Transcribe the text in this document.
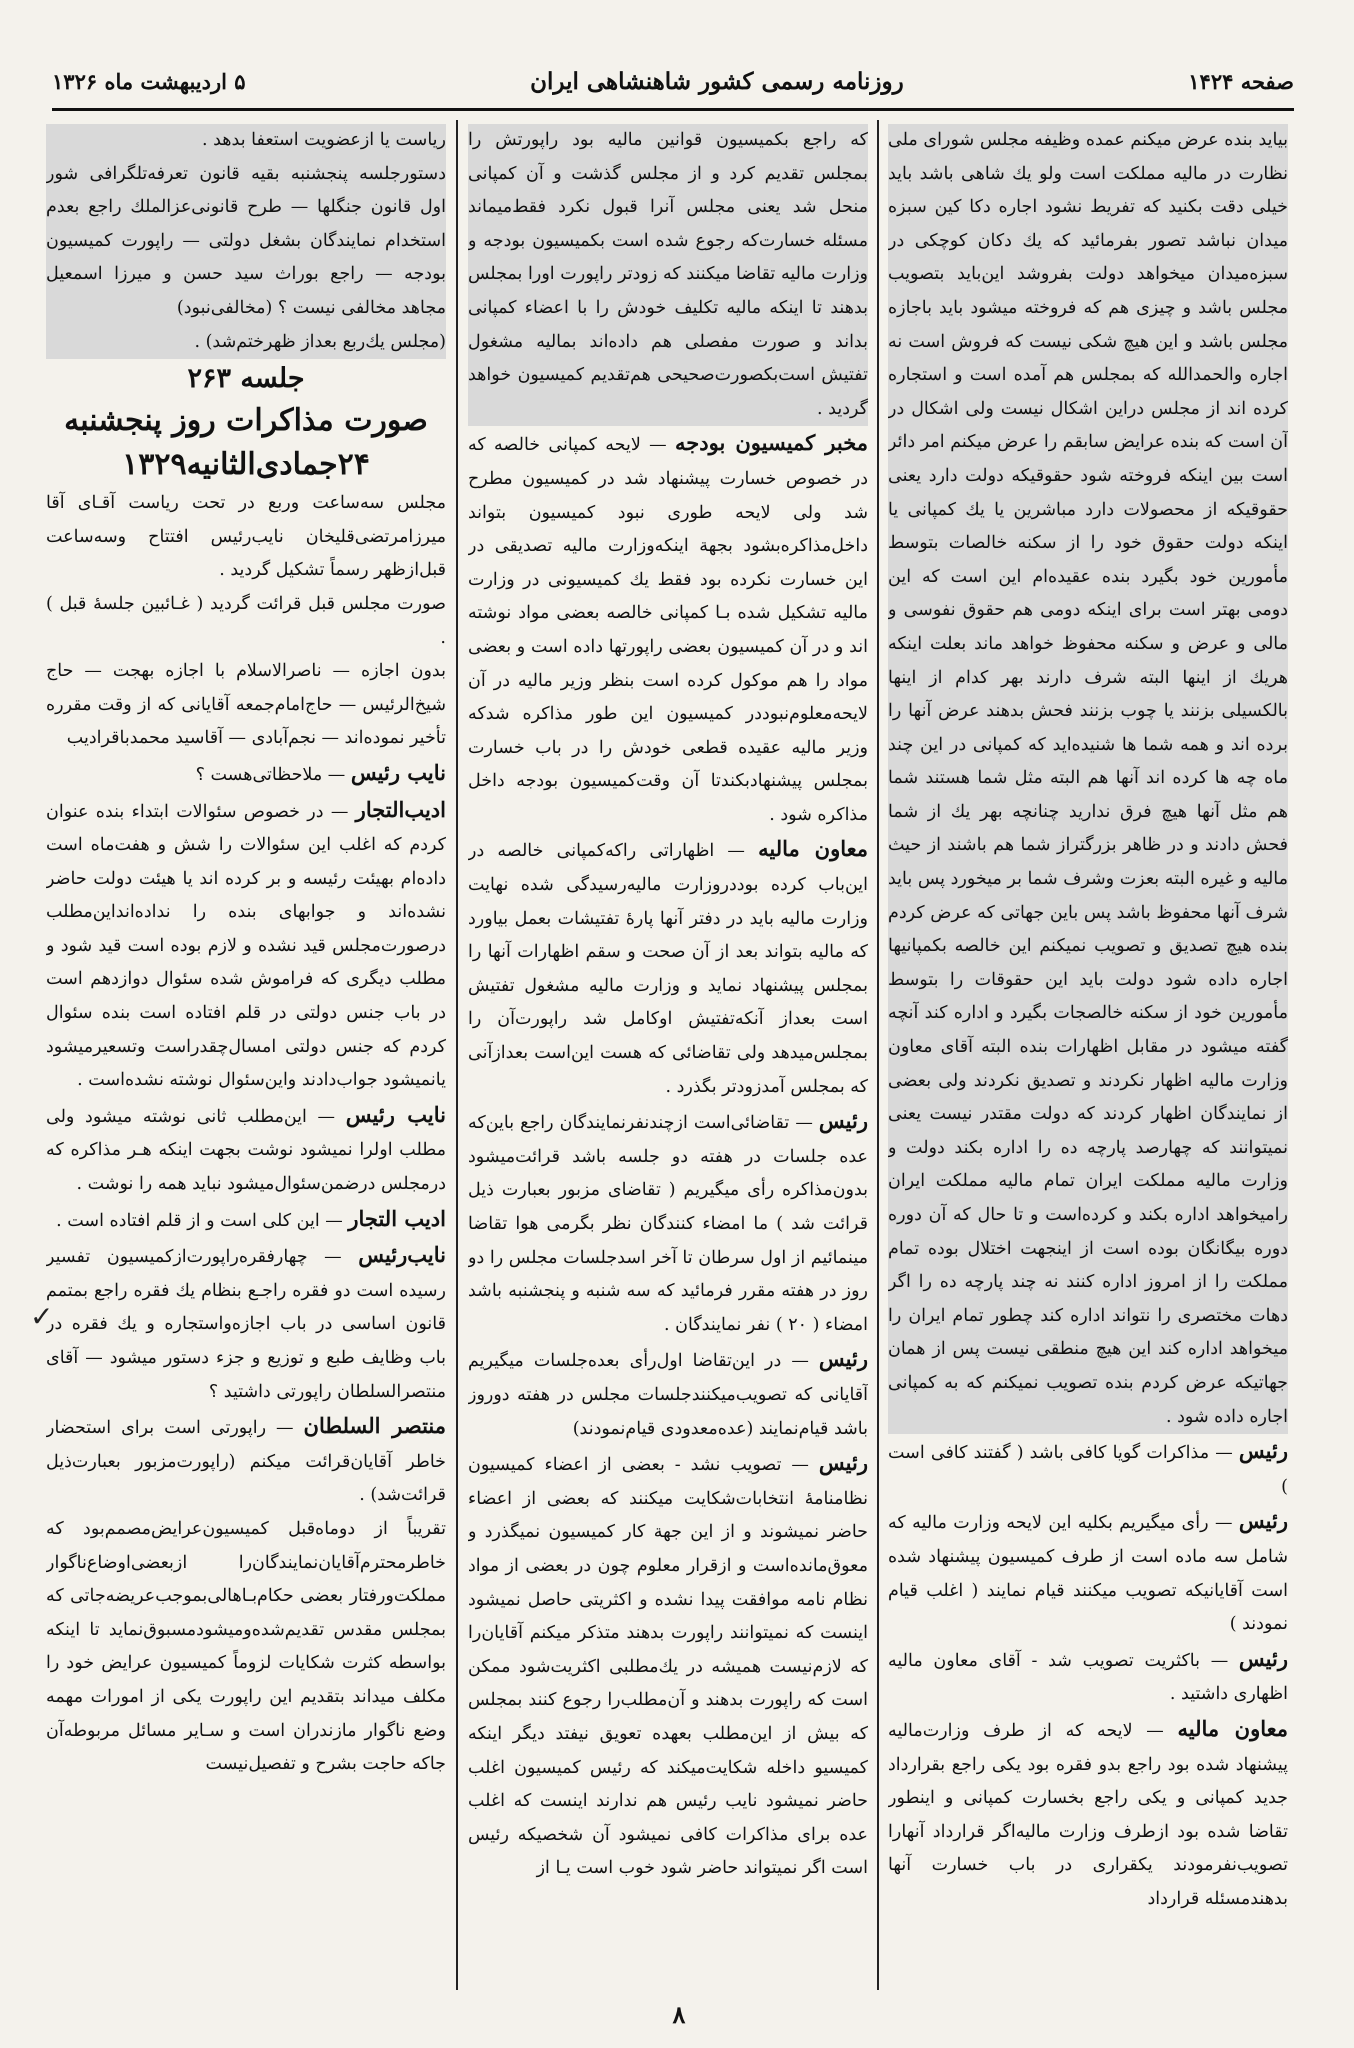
صفحه ۱۴۲۴
روزنامه رسمی کشور شاهنشاهی ایران
۵ اردیبهشت ماه ۱۳۲۶

بیاید بنده عرض میکنم عمده وظیفه مجلس شورای ملی نظارت در مالیه مملکت است ولو یك شاهی باشد باید خیلی دقت بکنید که تفریط نشود اجاره دکا کین سبزه میدان نباشد تصور بفرمائید که یك دکان کوچکی در سبزه‌میدان میخواهد دولت بفروشد این‌باید بتصویب مجلس باشد و چیزی هم که فروخته میشود باید باجازه مجلس باشد و این هیچ شکی نیست که فروش است نه اجاره والحمدالله که بمجلس هم آمده است و استجاره کرده اند از مجلس دراین اشکال نیست ولی اشکال در آن است که بنده عرایض سابقم را عرض میکنم امر دائر است بین اینکه فروخته شود حقوقیکه دولت دارد یعنی حقوقیکه از محصولات دارد مباشرین یا یك کمپانی یا اینکه دولت حقوق خود را از سکنه خالصات بتوسط مأمورین خود بگیرد بنده عقیده‌ام این است که این دومی بهتر است برای اینکه دومی هم حقوق نفوسی و مالی و عرض و سکنه محفوظ خواهد ماند بعلت اینکه هریك از اینها البته شرف دارند بهر کدام از اینها بالکسیلی بزنند یا چوب بزنند فحش بدهند عرض آنها را برده اند و همه شما ها شنیده‌اید که کمپانی در این چند ماه چه ها کرده اند آنها هم البته مثل شما هستند شما هم مثل آنها هیچ فرق ندارید چنانچه بهر یك از شما فحش دادند و در ظاهر بزرگتراز شما هم باشند از حیث مالیه و غیره البته بعزت وشرف شما بر میخورد پس باید شرف آنها محفوظ باشد پس باین جهاتی که عرض کردم بنده هیچ تصدیق و تصویب نمیکنم این خالصه بکمپانیها اجاره داده شود دولت باید این حقوقات را بتوسط مأمورین خود از سکنه خالصجات بگیرد و اداره کند آنچه گفته میشود در مقابل اظهارات بنده البته آقای معاون وزارت مالیه اظهار نکردند و تصدیق نکردند ولی بعضی از نمایندگان اظهار کردند که دولت مقتدر نیست یعنی نمیتوانند که چهارصد پارچه ده را اداره بکند دولت و وزارت مالیه مملکت ایران تمام مالیه مملکت ایران رامیخواهد اداره بکند و کرده‌است و تا حال که آن دوره دوره بیگانگان بوده است از اینجهت اختلال بوده تمام مملکت را از امروز اداره کنند نه چند پارچه ده را اگر دهات مختصری را نتواند اداره کند چطور تمام ایران را میخواهد اداره کند این هیچ منطقی نیست پس از همان جهاتیکه عرض کردم بنده تصویب نمیکنم که به کمپانی اجاره داده شود .

رئیس — مذاکرات گویا کافی باشد ( گفتند کافی است )

رئیس — رأی میگیریم بکلیه این لایحه وزارت مالیه که شامل سه ماده است از طرف کمیسیون پیشنهاد شده است آقایانیکه تصویب میکنند قیام نمایند ( اغلب قیام نمودند )

رئیس — باکثریت تصویب شد - آقای معاون مالیه اظهاری داشتید .

معاون مالیه — لایحه که از طرف وزارت‌مالیه پیشنهاد شده بود راجع بدو فقره بود یکی راجع بقرارداد جدید کمپانی و یکی راجع بخسارت کمپانی و اینطور تقاضا شده بود ازطرف وزارت مالیه‌اگر قرارداد آنهارا تصویب‌نفرمودند یکقراری در باب خسارت آنها بدهند‌مسئله قرارداد

که راجع بکمیسیون قوانین مالیه بود راپورتش را بمجلس تقدیم کرد و از مجلس گذشت و آن کمپانی منحل شد یعنی مجلس آنرا قبول نکرد فقط‌میماند مسئله خسارت‌که رجوع شده است بکمیسیون بودجه و وزارت مالیه تقاضا میکنند که زودتر راپورت اورا بمجلس بدهند تا اینکه مالیه تکلیف خودش را با اعضاء کمپانی بداند و صورت مفصلی هم داده‌اند بمالیه مشغول تفتیش است‌بکصورت‌صحیحی هم‌تقدیم کمیسیون خواهد گردید .

مخبر کمیسیون بودجه — لایحه کمپانی خالصه که در خصوص خسارت پیشنهاد شد در کمیسیون مطرح شد ولی لایحه طوری نبود کمیسیون بتواند داخل‌مذاکره‌بشود بجهة اینکه‌وزارت مالیه تصدیقی در این خسارت نکرده بود فقط یك کمیسیونی در وزارت مالیه تشکیل شده بـا کمپانی خالصه بعضی مواد نوشته اند و در آن کمیسیون بعضی راپورتها داده است و بعضی مواد را هم موکول کرده است بنظر وزیر مالیه در آن لایحه‌معلوم‌نبود‌در کمیسیون این طور مذاکره شد‌که وزیر مالیه عقیده قطعی خودش را در باب خسارت بمجلس پیشنهاد‌بکند‌تا آن وقت‌کمیسیون بودجه داخل مذاکره شود .

معاون مالیه — اظهاراتی راکه‌کمپانی خالصه در این‌باب کرده بوددر‌وزارت مالیه‌رسیدگی شده نهایت وزارت مالیه باید در دفتر آنها پارهٔ تفتیشات بعمل بیاورد که مالیه بتواند بعد از آن صحت و سقم اظهارات آنها را بمجلس پیشنهاد نماید و وزارت مالیه مشغول تفتیش است بعداز آنکه‌تفتیش اوکامل شد راپورت‌آن را بمجلس‌میدهد ولی تقاضائی که هست این‌است بعداز‌آنی که بمجلس آمد‌زودتر بگذرد .

رئیس — تقاضائی‌است از‌چند‌نفر‌نمایندگان راجع باین‌که عده جلسات در هفته دو جلسه باشد قرائت‌میشود بدون‌مذاکره رأی میگیریم ( تقاضای مزبور بعبارت ذیل قرائت شد ) ما امضاء کنندگان نظر بگرمی هوا تقاضا مینمائیم از اول سرطان تا آخر اسد‌جلسات مجلس را دو روز در هفته مقرر فرمائید که سه شنبه و پنجشنبه باشد امضاء ( ۲۰ ) نفر نمایندگان .

رئیس — در این‌تقاضا اول‌رأی بعده‌جلسات میگیریم آقایانی که تصویب‌میکنندجلسات مجلس در هفته دوروز باشد قیام‌نمایند (عده‌معدودی قیام‌نمودند)

رئیس — تصویب نشد - بعضی از اعضاء کمیسیون نظامنامهٔ انتخابات‌شکایت میکنند که بعضی از اعضاء حاضر نمیشوند و از این جهة کار کمیسیون نمیگذرد و معوق‌ما‌نده‌است و ازقرار معلوم چون در بعضی از مواد نظام نامه موافقت پیدا نشده و اکثریتی حاصل نمیشود اینست که نمیتوانند راپورت بدهند متذکر میکنم آقایان‌را که لازم‌نیست همیشه در یك‌مطلبی اکثریت‌شود ممکن است که راپورت بدهند و آن‌مطلب‌را رجوع کنند بمجلس که بیش از این‌مطلب بعهده تعویق نیفتد دیگر اینکه کمیسیو داخله شکایت‌میکند که رئیس کمیسیون اغلب حاضر نمیشود نایب رئیس هم ندارند اینست که اغلب عده برای مذاکرات کافی نمیشود آن شخصیکه رئیس است اگر نمیتواند حاضر شود خوب است یـا از

ریاست یا ازعضویت استعفا بدهد .

دستور‌جلسه پنجشنبه بقیه قانون تعرفه‌تلگرافی شور اول قانون جنگلها — طرح قانونی‌عزالملك راجع بعدم استخدام نمایندگان بشغل دولتی — راپورت کمیسیون بودجه — راجع بوراث سید حسن و میرزا اسمعیل مجاهد مخالفی نیست ؟ (مخالفی‌نبود)

(مجلس یك‌ربع بعداز ظهرختم‌شد) .

جلسه ۲۶۳
صورت مذاکرات روز پنجشنبه
۲۴جمادی‌الثانیه۱۳۲۹

مجلس سه‌ساعت وربع در تحت ریاست آقـای آقا میرزامرتضی‌قلیخان نایب‌رئیس افتتاح وسه‌ساعت قبل‌ازظهر رسماً تشکیل گردید .

صورت مجلس قبل قرائت گردید ( غـائبین جلسهٔ قبل ) .

بدون اجازه — ناصرالاسلام با اجازه بهجت — حاج شیخ‌الرئیس — حاج‌امام‌جمعه آقایانی که از وقت مقرره تأخیر نموده‌اند — نجم‌آبادی — آقاسید محمدباقرادیب

نایب رئیس — ملاحظاتی‌هست ؟

ادیب‌التجار — در خصوص سئوالات ابتداء بنده عنوان کردم که اغلب این سئوالات را شش و هفت‌ماه است داده‌ام بهیئت رئیسه و بر کرده اند یا هیئت دولت حاضر نشده‌اند و جوابهای بنده را نداده‌اند‌این‌مطلب درصورت‌مجلس قید نشده و لازم بوده است قید شود و مطلب دیگری که فراموش شده سئوال دوازدهم است در باب جنس دولتی در قلم افتاده است بنده سئوال کردم که جنس دولتی امسال‌چقدر‌است وتسعیر‌میشود یانمیشود جواب‌دادند واین‌سئوال نوشته نشده‌است .

نایب رئیس — این‌مطلب ثانی نوشته میشود ولی مطلب اولرا نمیشود نوشت بجهت اینکه هـر مذاکره که درمجلس درضمن‌سئوال‌میشود نباید همه را نوشت .

ادیب التجار — این کلی است و از قلم افتاده است .

نایب‌رئیس — چهارفقره‌راپورت‌از‌کمیسیون تفسیر رسیده است دو فقره راجـع بنظام یك فقره راجع بمتمم قانون اساسی در باب اجازه‌واستجاره و یك فقره در باب وظایف طبع و توزیع و جزء دستور میشود — آقای منتصرالسلطان راپورتی داشتید ؟

منتصر السلطان — راپورتی است برای استحضار خاطر آقایان‌قرائت میکنم (راپورت‌مزبور بعبارت‌ذیل قرائت‌شد) .

تقریباً از دوماه‌قبل کمیسیون‌عرایض‌مصمم‌بود که خاطر‌محترم‌آقایان‌نمایندگان‌را از‌بعضی‌اوضاع‌ناگوار مملکت‌ورفتار بعضی حکام‌بـاهالی‌بموجب‌عریضه‌جاتی که بمجلس مقدس تقدیم‌شده‌ومیشود‌مسبوق‌نماید تا اینکه بواسطه کثرت شکایات لزوماً کمیسیون عرایض خود را مکلف میداند بتقدیم این راپورت یکی از امورات مهمه وضع ناگوار مازندران است و سـایر مسائل مربوطه‌آن جاکه حاجت بشرح و تفصیل‌نیست

✓
۸
